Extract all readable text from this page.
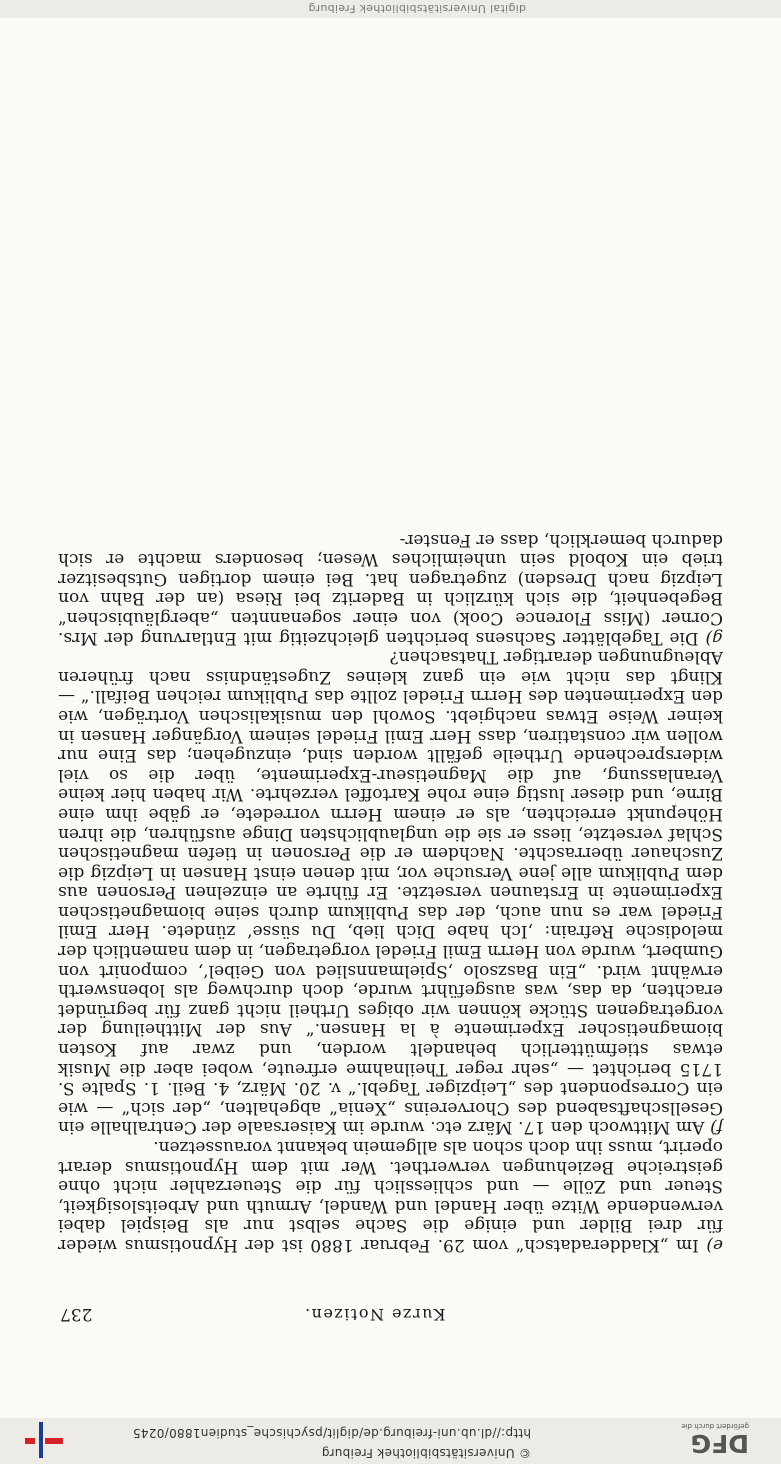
© Universitätsbibliothek Freiburg
http://dl.ub.uni-freiburg.de/diglit/psychische_studien1880/0245	DFG
gefördert durch die
Kurze Notizen.
237

e) Im „Kladderadatsch“ vom 29. Februar 1880 ist der Hypnotismus wieder für drei Bilder und einige die Sache selbst nur als Beispiel dabei verwendende Witze über Handel und Wandel, Armuth und Arbeitslosigkeit, Steuer und Zölle — und schliesslich für die Steuerzahler nicht ohne geistreiche Beziehungen verwerthet. Wer mit dem Hypnotismus derart operirt, muss ihn doch schon als allgemein bekannt voraussetzen.

f) Am Mittwoch den 17. März etc. wurde im Kaisersaale der Centralhalle ein Gesellschaftsabend des Chorvereins „Xenia“ abgehalten, „der sich“ — wie ein Correspondent des „Leipziger Tagebl.“ v. 20. März, 4. Beil. 1. Spalte S. 1715 berichtet — „sehr reger Theilnahme erfreute, wobei aber die Musik etwas stiefmütterlich behandelt worden, und zwar auf Kosten biomagnetischer Experimente à la Hansen.“ Aus der Mittheilung der vorgetragenen Stücke können wir obiges Urtheil nicht ganz für begründet erachten, da das, was ausgeführt wurde, doch durchweg als lobenswerth erwähnt wird. „Ein Baszsolo ‚Spielmannslied von Geibel‘, componirt von Gumbert, wurde von Herrn Emil Friedel vorgetragen, in dem namentlich der melodische Refrain: ‚Ich habe Dich lieb, Du süsse‘ zündete. Herr Emil Friedel war es nun auch, der das Publikum durch seine biomagnetischen Experimente in Erstaunen versetzte. Er führte an einzelnen Personen aus dem Publikum alle jene Versuche vor, mit denen einst Hansen in Leipzig die Zuschauer überraschte. Nachdem er die Personen in tiefen magnetischen Schlaf versetzte, liess er sie die unglaublichsten Dinge ausführen, die ihren Höhepunkt erreichten, als er einem Herrn vorredete, er gäbe ihm eine Birne, und dieser lustig eine rohe Kartoffel verzehrte. Wir haben hier keine Veranlassung, auf die Magnetiseur-Experimente, über die so viel widersprechende Urtheile gefällt worden sind, einzugehen; das Eine nur wollen wir constatiren, dass Herr Emil Friedel seinem Vorgänger Hansen in keiner Weise Etwas nachgiebt. Sowohl den musikalischen Vorträgen, wie den Experimenten des Herrn Friedel zollte das Publikum reichen Beifall.“ — Klingt das nicht wie ein ganz kleines Zugeständniss nach früheren Ableugnungen derartiger Thatsachen?

g) Die Tageblätter Sachsens berichten gleichzeitig mit Entlarvung der Mrs. Corner (Miss Florence Cook) von einer sogenannten „abergläubischen“ Begebenheit, die sich kürzlich in Baderitz bei Riesa (an der Bahn von Leipzig nach Dresden) zugetragen hat. Bei einem dortigen Gutsbesitzer trieb ein Kobold sein unheimliches Wesen; besonders machte er sich dadurch bemerklich, dass er Fenster-

digital Universitätsbibliothek Freiburg
